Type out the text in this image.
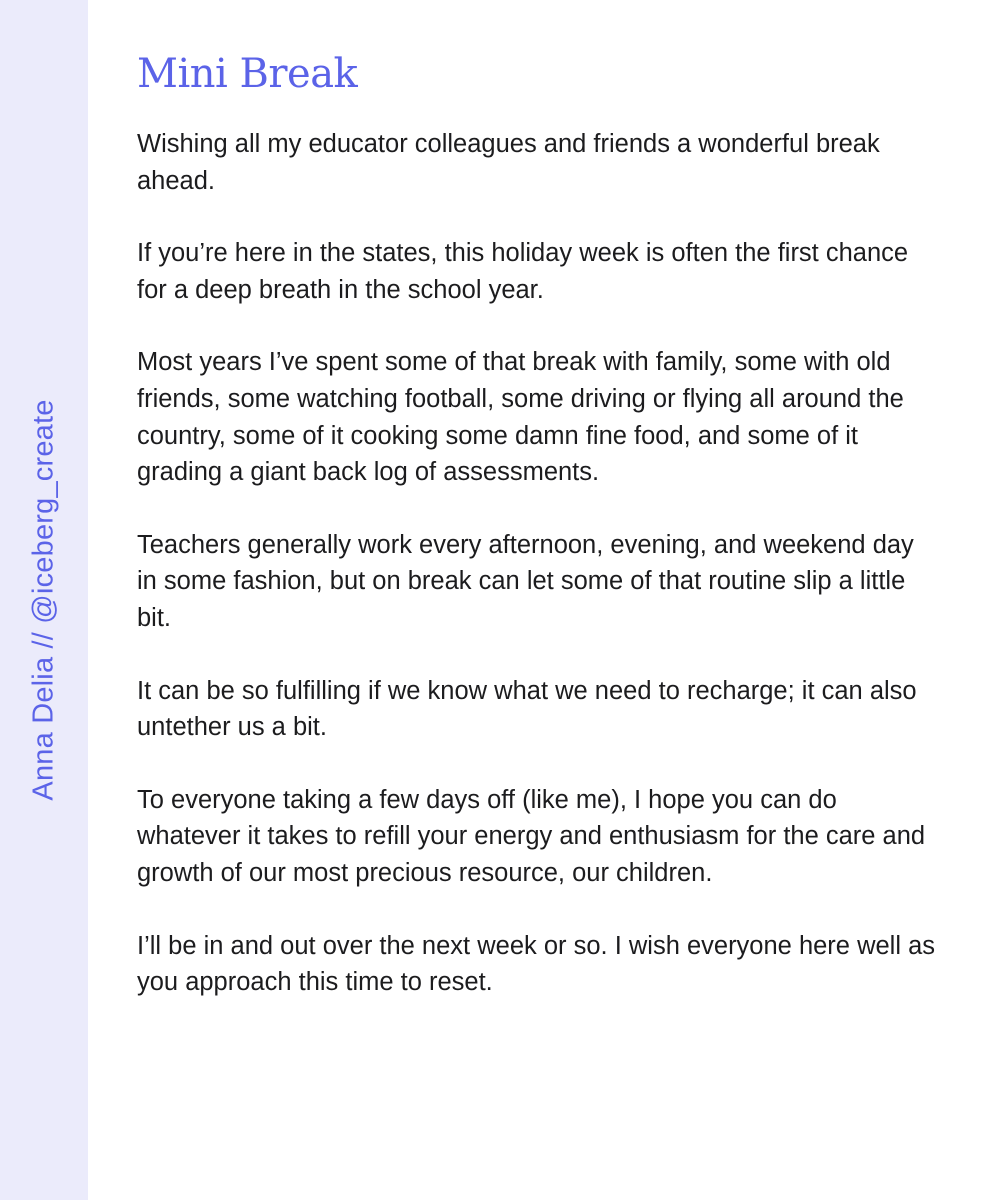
Anna Delia // @iceberg_create
Mini Break

Wishing all my educator colleagues and friends a wonderful break ahead.

If you’re here in the states, this holiday week is often the first chance for a deep breath in the school year.

Most years I’ve spent some of that break with family, some with old friends, some watching football, some driving or flying all around the country, some of it cooking some damn fine food, and some of it grading a giant back log of assessments.

Teachers generally work every afternoon, evening, and weekend day in some fashion, but on break can let some of that routine slip a little bit.

It can be so fulfilling if we know what we need to recharge; it can also untether us a bit.

To everyone taking a few days off (like me), I hope you can do whatever it takes to refill your energy and enthusiasm for the care and growth of our most precious resource, our children.

I’ll be in and out over the next week or so. I wish everyone here well as you approach this time to reset.
